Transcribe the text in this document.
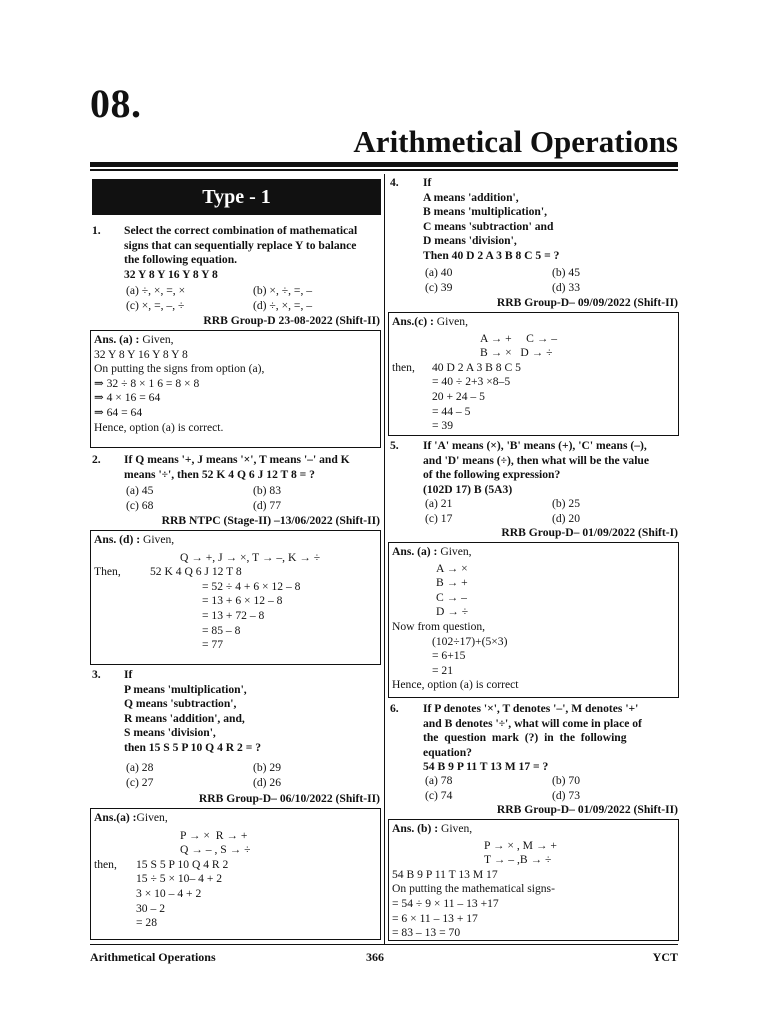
08.
Arithmetical Operations
Type - 1
1. Select the correct combination of mathematical
signs that can sequentially replace Y to balance
the following equation.
32 Y 8 Y 16 Y 8 Y 8
(a) ÷, ×, =, ×	(b) ×, ÷, =, –
(c) ×, =, –, ÷	(d) ÷, ×, =, –
RRB Group-D 23-08-2022 (Shift-II)
Ans. (a) : Given,
32 Y 8 Y 16 Y 8 Y 8
On putting the signs from option (a),
⇒ 32 ÷ 8 × 1 6 = 8 × 8
⇒ 4 × 16 = 64
⇒ 64 = 64
Hence, option (a) is correct.
2. If Q means '+, J means '×', T means '–' and K
means '÷', then 52 K 4 Q 6 J 12 T 8 = ?
(a) 45	(b) 83
(c) 68	(d) 77
RRB NTPC (Stage-II) –13/06/2022 (Shift-II)
Ans. (d) : Given,
Q → +, J → ×, T → –, K → ÷
Then,	52 K 4 Q 6 J 12 T 8
= 52 ÷ 4 + 6 × 12 – 8
= 13 + 6 × 12 – 8
= 13 + 72 – 8
= 85 – 8
= 77
3. If
P means 'multiplication',
Q means 'subtraction',
R means 'addition', and,
S means 'division',
then 15 S 5 P 10 Q 4 R 2 = ?
(a) 28	(b) 29
(c) 27	(d) 26
RRB Group-D– 06/10/2022 (Shift-II)
Ans.(a) :Given,
P → ×  R → +
Q → – , S → ÷
then, 15 S 5 P 10 Q 4 R 2
15 ÷ 5 × 10– 4 + 2
3 × 10 – 4 + 2
30 – 2
= 28
4. If
A means 'addition',
B means 'multiplication',
C means 'subtraction' and
D means 'division',
Then 40 D 2 A 3 B 8 C 5 = ?
(a) 40	(b) 45
(c) 39	(d) 33
RRB Group-D– 09/09/2022 (Shift-II)
Ans.(c) : Given,
A → +     C → –
B → ×   D → ÷
then, 40 D 2 A 3 B 8 C 5
= 40 ÷ 2+3 ×8–5
20 + 24 – 5
= 44 – 5
= 39
5. If 'A' means (×), 'B' means (+), 'C' means (–),
and 'D' means (÷), then what will be the value
of the following expression?
(102D 17) B (5A3)
(a) 21	(b) 25
(c) 17	(d) 20
RRB Group-D– 01/09/2022 (Shift-I)
Ans. (a) : Given,
A → ×
B → +
C → –
D → ÷
Now from question,
(102÷17)+(5×3)
= 6+15
= 21
Hence, option (a) is correct
6. If P denotes '×', T denotes '–', M denotes '+'
and B denotes '÷', what will come in place of
the  question  mark  (?)  in  the  following
equation?
54 B 9 P 11 T 13 M 17 = ?
(a) 78	(b) 70
(c) 74	(d) 73
RRB Group-D– 01/09/2022 (Shift-II)
Ans. (b) : Given,
P → × , M → +
T → – ,B → ÷
54 B 9 P 11 T 13 M 17
On putting the mathematical signs-
= 54 ÷ 9 × 11 – 13 +17
= 6 × 11 – 13 + 17
= 83 – 13 = 70
Arithmetical Operations	366	YCT
